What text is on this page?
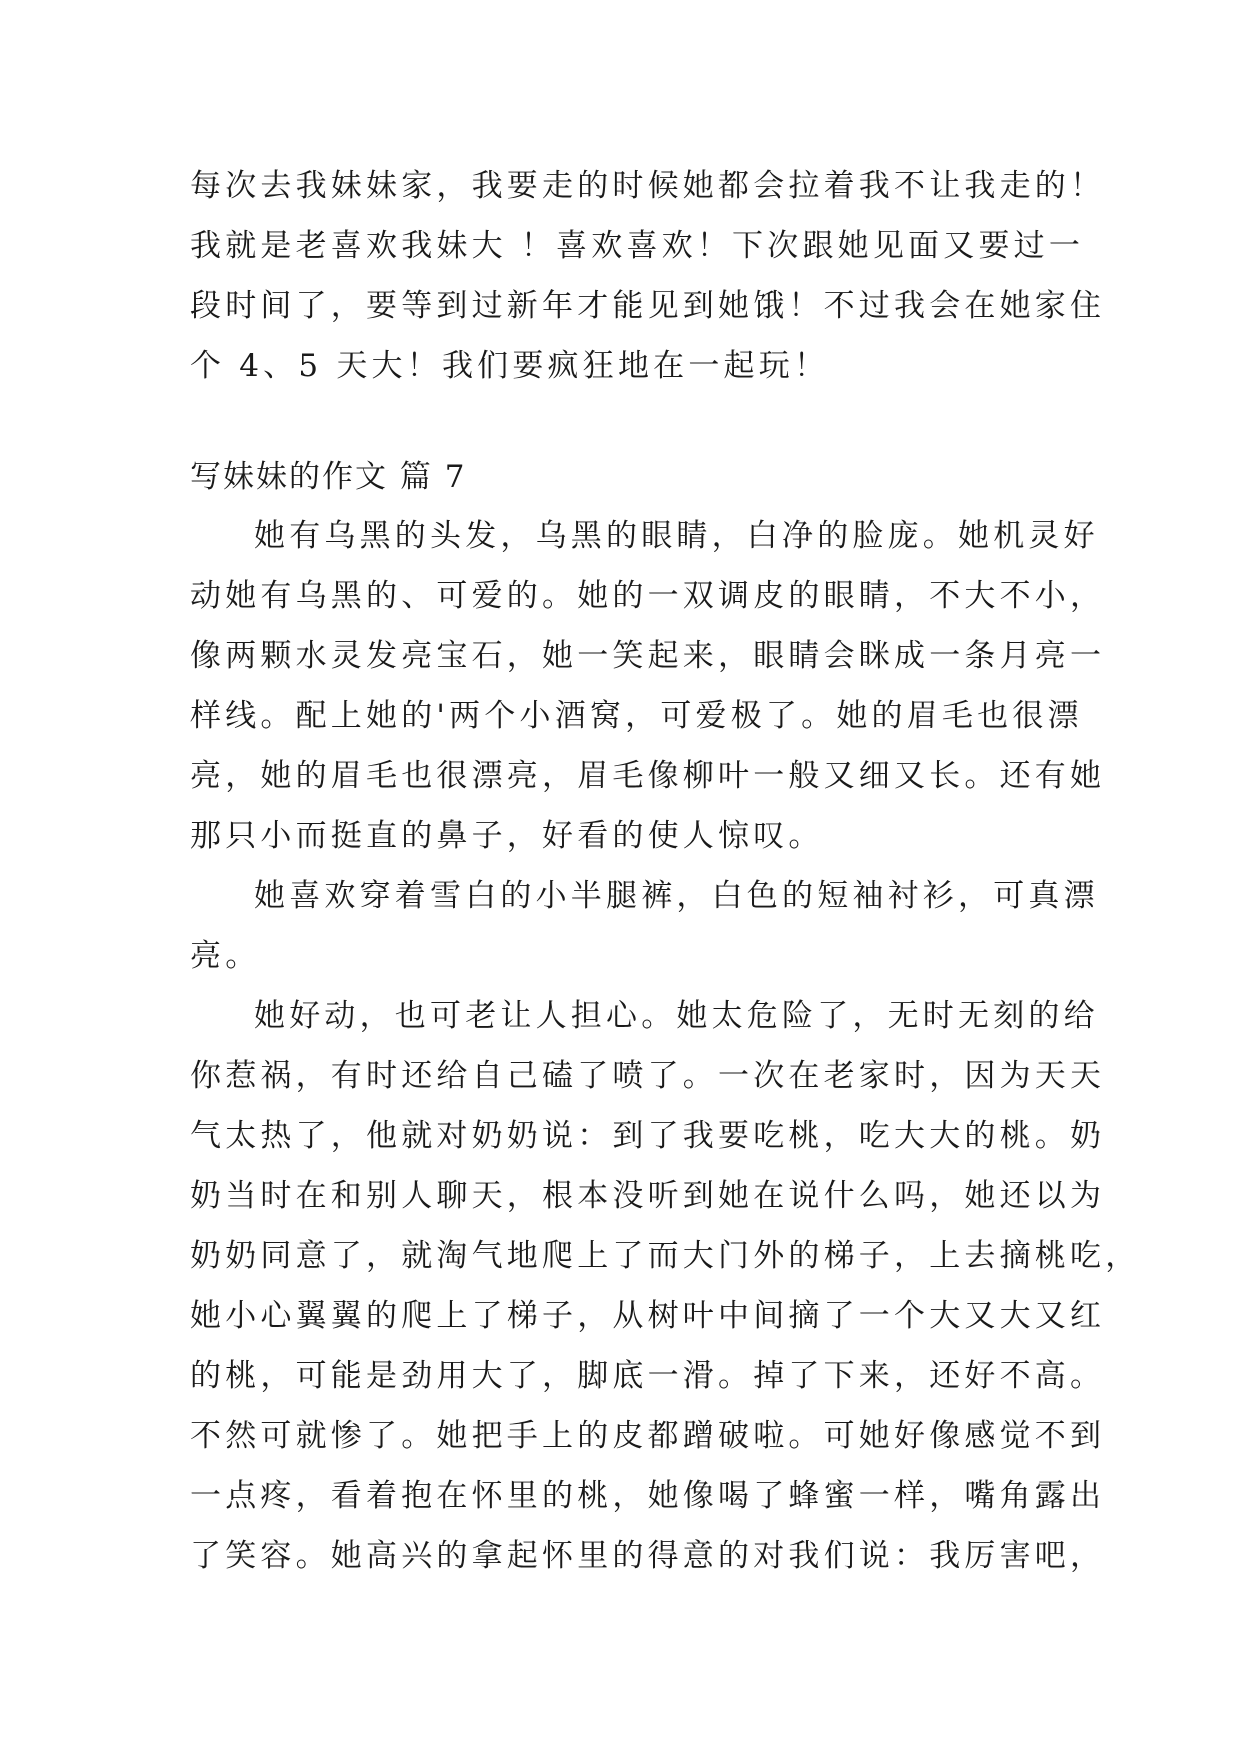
每次去我妹妹家，我要走的时候她都会拉着我不让我走的！

我就是老喜欢我妹大 ！喜欢喜欢！下次跟她见面又要过一

段时间了，要等到过新年才能见到她饿！不过我会在她家住

个 4、5 天大！我们要疯狂地在一起玩！

写妹妹的作文 篇 7

她有乌黑的头发，乌黑的眼睛，白净的脸庞。她机灵好

动她有乌黑的、可爱的。她的一双调皮的眼睛，不大不小，

像两颗水灵发亮宝石，她一笑起来，眼睛会眯成一条月亮一

样线。配上她的'两个小酒窝，可爱极了。她的眉毛也很漂

亮，她的眉毛也很漂亮，眉毛像柳叶一般又细又长。还有她

那只小而挺直的鼻子，好看的使人惊叹。

她喜欢穿着雪白的小半腿裤，白色的短袖衬衫，可真漂

亮。

她好动，也可老让人担心。她太危险了，无时无刻的给

你惹祸，有时还给自己磕了喷了。一次在老家时，因为天天

气太热了，他就对奶奶说：到了我要吃桃，吃大大的桃。奶

奶当时在和别人聊天，根本没听到她在说什么吗，她还以为

奶奶同意了，就淘气地爬上了而大门外的梯子，上去摘桃吃，

她小心翼翼的爬上了梯子，从树叶中间摘了一个大又大又红

的桃，可能是劲用大了，脚底一滑。掉了下来，还好不高。

不然可就惨了。她把手上的皮都蹭破啦。可她好像感觉不到

一点疼，看着抱在怀里的桃，她像喝了蜂蜜一样，嘴角露出

了笑容。她高兴的拿起怀里的得意的对我们说：我厉害吧，
